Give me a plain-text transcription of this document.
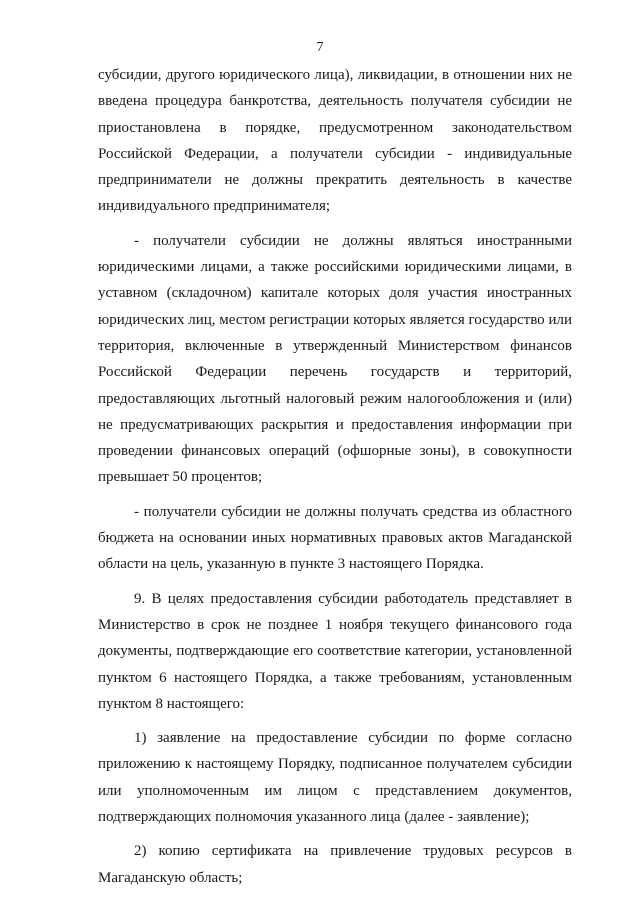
7
субсидии, другого юридического лица), ликвидации, в отношении них не
введена процедура банкротства, деятельность получателя субсидии не
приостановлена в порядке, предусмотренном законодательством
Российской Федерации, а получатели субсидии - индивидуальные
предприниматели не должны прекратить деятельность в качестве
индивидуального предпринимателя;
- получатели субсидии не должны являться иностранными
юридическими лицами, а также российскими юридическими лицами, в
уставном (складочном) капитале которых доля участия иностранных
юридических лиц, местом регистрации которых является государство или
территория, включенные в утвержденный Министерством финансов
Российской Федерации перечень государств и территорий,
предоставляющих льготный налоговый режим налогообложения и (или)
не предусматривающих раскрытия и предоставления информации при
проведении финансовых операций (офшорные зоны), в совокупности
превышает 50 процентов;
- получатели субсидии не должны получать средства из областного
бюджета на основании иных нормативных правовых актов Магаданской
области на цель, указанную в пункте 3 настоящего Порядка.
9. В целях предоставления субсидии работодатель представляет в
Министерство в срок не позднее 1 ноября текущего финансового года
документы, подтверждающие его соответствие категории, установленной
пунктом 6 настоящего Порядка, а также требованиям, установленным
пунктом 8 настоящего:
1) заявление на предоставление субсидии по форме согласно
приложению к настоящему Порядку, подписанное получателем субсидии
или уполномоченным им лицом с представлением документов,
подтверждающих полномочия указанного лица (далее - заявление);
2) копию сертификата на привлечение трудовых ресурсов в
Магаданскую область;
